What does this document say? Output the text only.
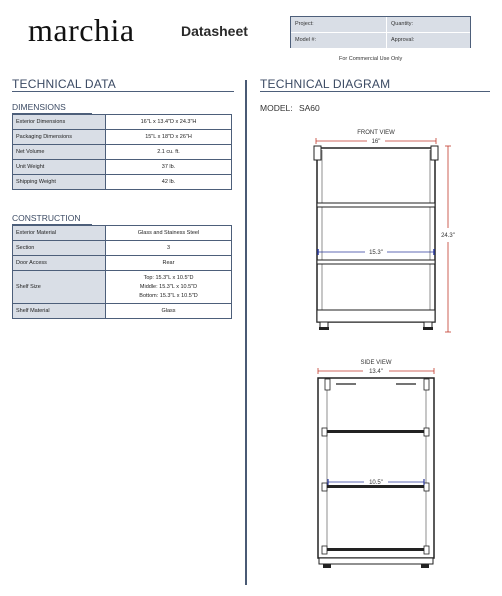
marchia	Datasheet	Project:	Quantity:
Model #:	Approval:
For Commercial Use Only
TECHNICAL DATA
DIMENSIONS
Exterior Dimensions	16"L x 13.4"D x 24.3"H
Packaging Dimensions	15"L x 18"D x 26"H
Net Volume	2.1 cu. ft.
Unit Weight	37 lb.
Shipping Weight	42 lb.
CONSTRUCTION
Exterior Material	Glass and Stainess Steel
Section	3
Door Access	Rear
Shelf Size	Top: 15.3"L x 10.5"D
Middle: 15.3"L x 10.5"D
Bottom: 15.3"L x 10.5"D

Shelf Material	Glass
TECHNICAL DIAGRAM
MODEL: SA60
FRONT VIEW
16"
15.3"
24.3"
SIDE VIEW
13.4"
10.5"
